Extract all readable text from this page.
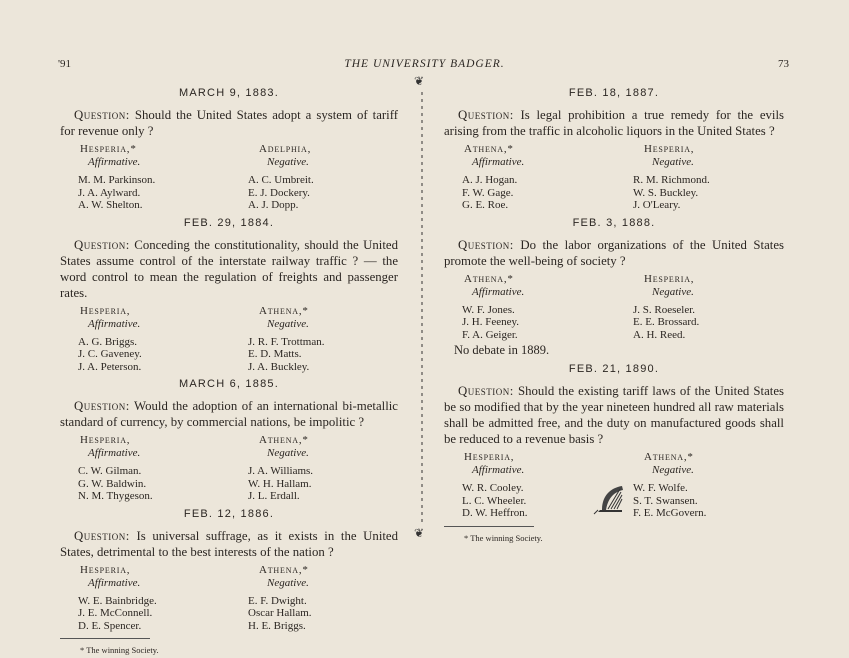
'91	THE UNIVERSITY BADGER.	73
MARCH 9, 1883.

Question: Should the United States adopt a system of tariff for revenue only ?

Hesperia,*
Affirmative.
Adelphia,
Negative.
M. M. Parkinson.
J. A. Aylward.
A. W. Shelton.
A. C. Umbreit.
E. J. Dockery.
A. J. Dopp.
FEB. 29, 1884.

Question: Conceding the constitutionality, should the United States assume control of the interstate railway traffic ? — the word control to mean the regulation of freights and passenger rates.

Hesperia,
Affirmative.
Athena,*
Negative.
A. G. Briggs.
J. C. Gaveney.
J. A. Peterson.
J. R. F. Trottman.
E. D. Matts.
J. A. Buckley.
MARCH 6, 1885.

Question: Would the adoption of an international bi-metallic standard of currency, by commercial nations, be impolitic ?

Hesperia,
Affirmative.
Athena,*
Negative.
C. W. Gilman.
G. W. Baldwin.
N. M. Thygeson.
J. A. Williams.
W. H. Hallam.
J. L. Erdall.
FEB. 12, 1886.

Question: Is universal suffrage, as it exists in the United States, detrimental to the best interests of the nation ?

Hesperia,
Affirmative.
Athena,*
Negative.
W. E. Bainbridge.
J. E. McConnell.
D. E. Spencer.
E. F. Dwight.
Oscar Hallam.
H. E. Briggs.
* The winning Society.
FEB. 18, 1887.

Question: Is legal prohibition a true remedy for the evils arising from the traffic in alcoholic liquors in the United States ?

Athena,*
Affirmative.
Hesperia,
Negative.
A. J. Hogan.
F. W. Gage.
G. E. Roe.
R. M. Richmond.
W. S. Buckley.
J. O'Leary.
FEB. 3, 1888.

Question: Do the labor organizations of the United States promote the well-being of society ?

Athena,*
Affirmative.
Hesperia,
Negative.
W. F. Jones.
J. H. Feeney.
F. A. Geiger.
J. S. Roeseler.
E. E. Brossard.
A. H. Reed.
No debate in 1889.
FEB. 21, 1890.

Question: Should the existing tariff laws of the United States be so modified that by the year nineteen hundred all raw materials shall be admitted free, and the duty on manufactured goods shall be reduced to a revenue basis ?

Hesperia,
Affirmative.
Athena,*
Negative.
W. R. Cooley.
L. C. Wheeler.
D. W. Heffron.
W. F. Wolfe.
S. T. Swansen.
F. E. McGovern.
* The winning Society.
❦
❦
